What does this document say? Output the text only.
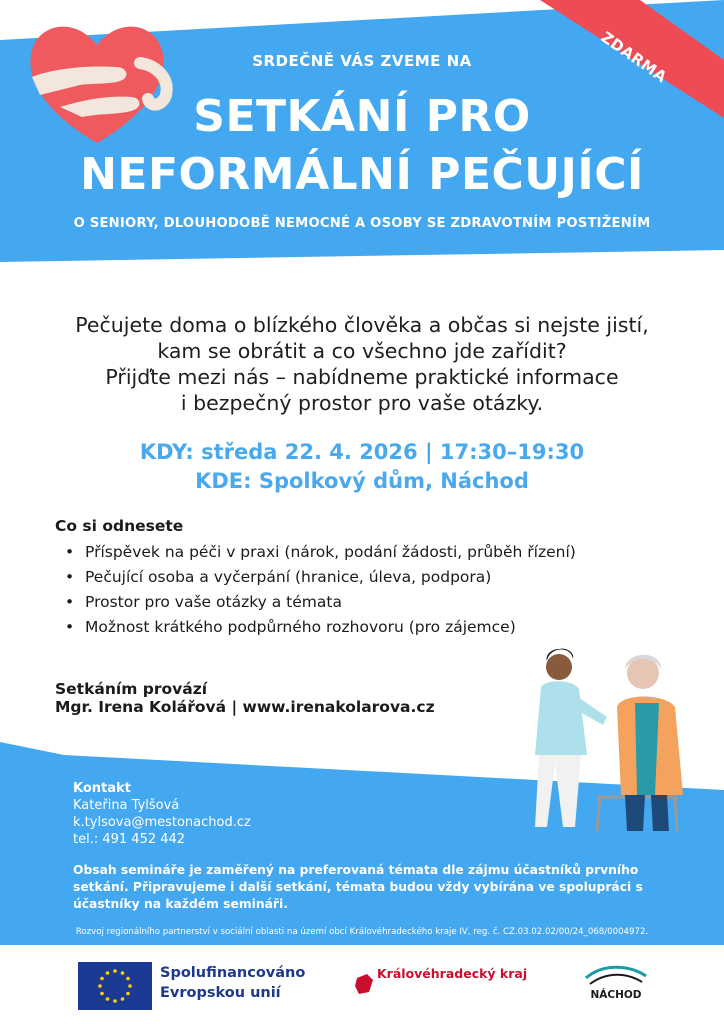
SRDEČNĚ VÁS ZVEME NA
SETKÁNÍ PRO
NEFORMÁLNÍ PEČUJÍCÍ
O SENIORY, DLOUHODOBĚ NEMOCNÉ A OSOBY SE ZDRAVOTNÍM POSTIŽENÍM
ZDARMA
Pečujete doma o blízkého člověka a občas si nejste jistí,
kam se obrátit a co všechno jde zařídit?
Přijďte mezi nás – nabídneme praktické informace
i bezpečný prostor pro vaše otázky.
KDY: středa 22. 4. 2026 | 17:30–19:30
KDE: Spolkový dům, Náchod
Co si odnesete
• Příspěvek na péči v praxi (nárok, podání žádosti, průběh řízení)
• Pečující osoba a vyčerpání (hranice, úleva, podpora)
• Prostor pro vaše otázky a témata
• Možnost krátkého podpůrného rozhovoru (pro zájemce)
Setkáním provází
Mgr. Irena Kolářová | www.irenakolarova.cz
Kontakt
Kateřina Tylšová
k.tylsova@mestonachod.cz
tel.: 491 452 442
Obsah semináře je zaměřený na preferovaná témata dle zájmu účastníků prvního setkání. Připravujeme i další setkání, témata budou vždy vybírána ve spolupráci s účastníky na každém semináři.
Rozvoj regionálního partnerství v sociální oblasti na území obcí Královéhradeckého kraje IV, reg. č. CZ.03.02.02/00/24_068/0004972.
Spolufinancováno
Evropskou unií
Královéhradecký kraj
NÁCHOD
